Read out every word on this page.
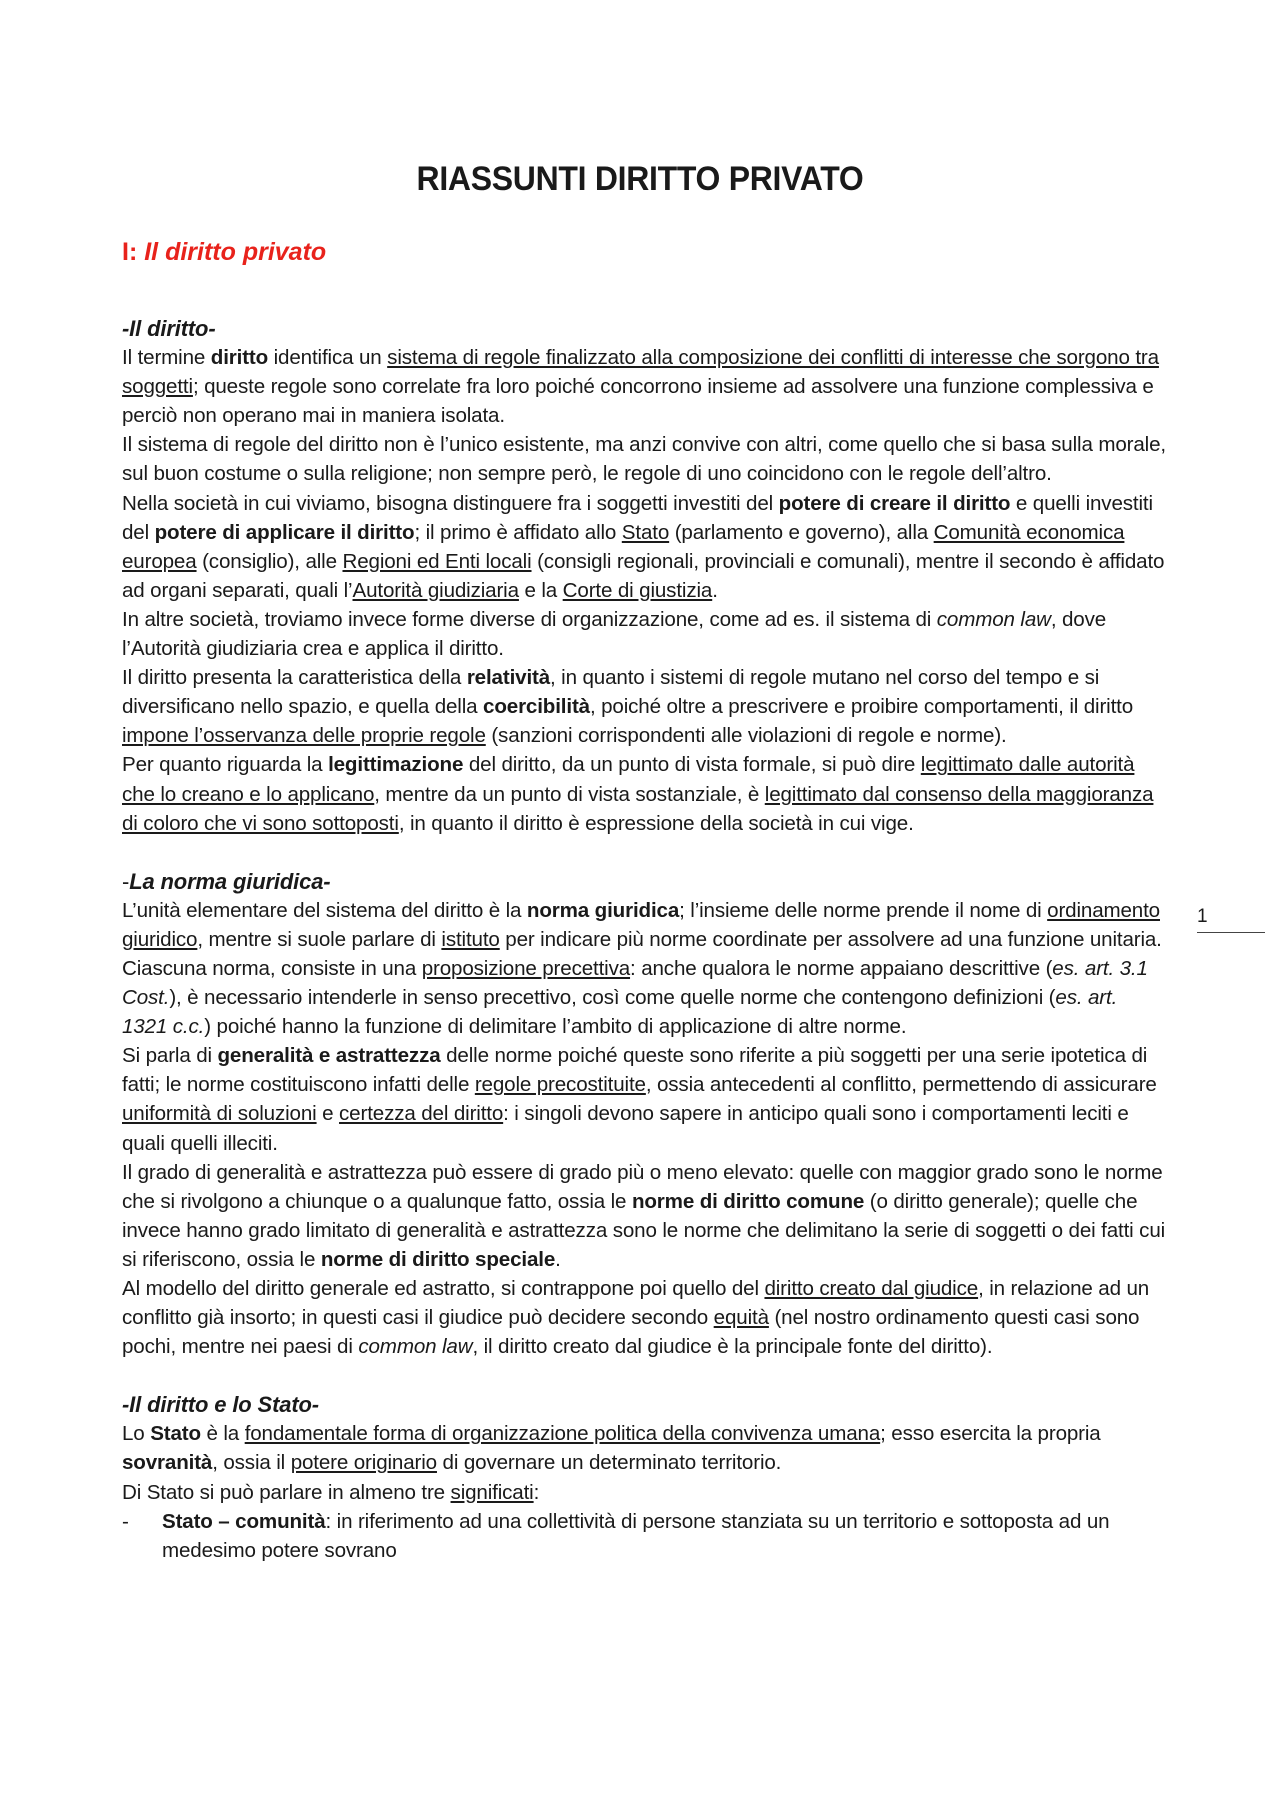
RIASSUNTI DIRITTO PRIVATO
I: Il diritto privato
1
-Il diritto-

Il termine diritto identifica un sistema di regole finalizzato alla composizione dei conflitti di interesse che sorgono tra soggetti; queste regole sono correlate fra loro poiché concorrono insieme ad assolvere una funzione complessiva e perciò non operano mai in maniera isolata.

Il sistema di regole del diritto non è l’unico esistente, ma anzi convive con altri, come quello che si basa sulla morale, sul buon costume o sulla religione; non sempre però, le regole di uno coincidono con le regole dell’altro.

Nella società in cui viviamo, bisogna distinguere fra i soggetti investiti del potere di creare il diritto e quelli investiti del potere di applicare il diritto; il primo è affidato allo Stato (parlamento e governo), alla Comunità economica europea (consiglio), alle Regioni ed Enti locali (consigli regionali, provinciali e comunali), mentre il secondo è affidato ad organi separati, quali l’Autorità giudiziaria e la Corte di giustizia.

In altre società, troviamo invece forme diverse di organizzazione, come ad es. il sistema di common law, dove l’Autorità giudiziaria crea e applica il diritto.

Il diritto presenta la caratteristica della relatività, in quanto i sistemi di regole mutano nel corso del tempo e si diversificano nello spazio, e quella della coercibilità, poiché oltre a prescrivere e proibire comportamenti, il diritto impone l’osservanza delle proprie regole (sanzioni corrispondenti alle violazioni di regole e norme).

Per quanto riguarda la legittimazione del diritto, da un punto di vista formale, si può dire legittimato dalle autorità che lo creano e lo applicano, mentre da un punto di vista sostanziale, è legittimato dal consenso della maggioranza di coloro che vi sono sottoposti, in quanto il diritto è espressione della società in cui vige.

-La norma giuridica-

L’unità elementare del sistema del diritto è la norma giuridica; l’insieme delle norme prende il nome di ordinamento giuridico, mentre si suole parlare di istituto per indicare più norme coordinate per assolvere ad una funzione unitaria.

Ciascuna norma, consiste in una proposizione precettiva: anche qualora le norme appaiano descrittive (es. art. 3.1 Cost.), è necessario intenderle in senso precettivo, così come quelle norme che contengono definizioni (es. art. 1321 c.c.) poiché hanno la funzione di delimitare l’ambito di applicazione di altre norme.

Si parla di generalità e astrattezza delle norme poiché queste sono riferite a più soggetti per una serie ipotetica di fatti; le norme costituiscono infatti delle regole precostituite, ossia antecedenti al conflitto, permettendo di assicurare uniformità di soluzioni e certezza del diritto: i singoli devono sapere in anticipo quali sono i comportamenti leciti e quali quelli illeciti.

Il grado di generalità e astrattezza può essere di grado più o meno elevato: quelle con maggior grado sono le norme che si rivolgono a chiunque o a qualunque fatto, ossia le norme di diritto comune (o diritto generale); quelle che invece hanno grado limitato di generalità e astrattezza sono le norme che delimitano la serie di soggetti o dei fatti cui si riferiscono, ossia le norme di diritto speciale.

Al modello del diritto generale ed astratto, si contrappone poi quello del diritto creato dal giudice, in relazione ad un conflitto già insorto; in questi casi il giudice può decidere secondo equità (nel nostro ordinamento questi casi sono pochi, mentre nei paesi di common law, il diritto creato dal giudice è la principale fonte del diritto).

-Il diritto e lo Stato-

Lo Stato è la fondamentale forma di organizzazione politica della convivenza umana; esso esercita la propria sovranità, ossia il potere originario di governare un determinato territorio.

Di Stato si può parlare in almeno tre significati:

-	Stato – comunità: in riferimento ad una collettività di persone stanziata su un territorio e sottoposta ad un medesimo potere sovrano
